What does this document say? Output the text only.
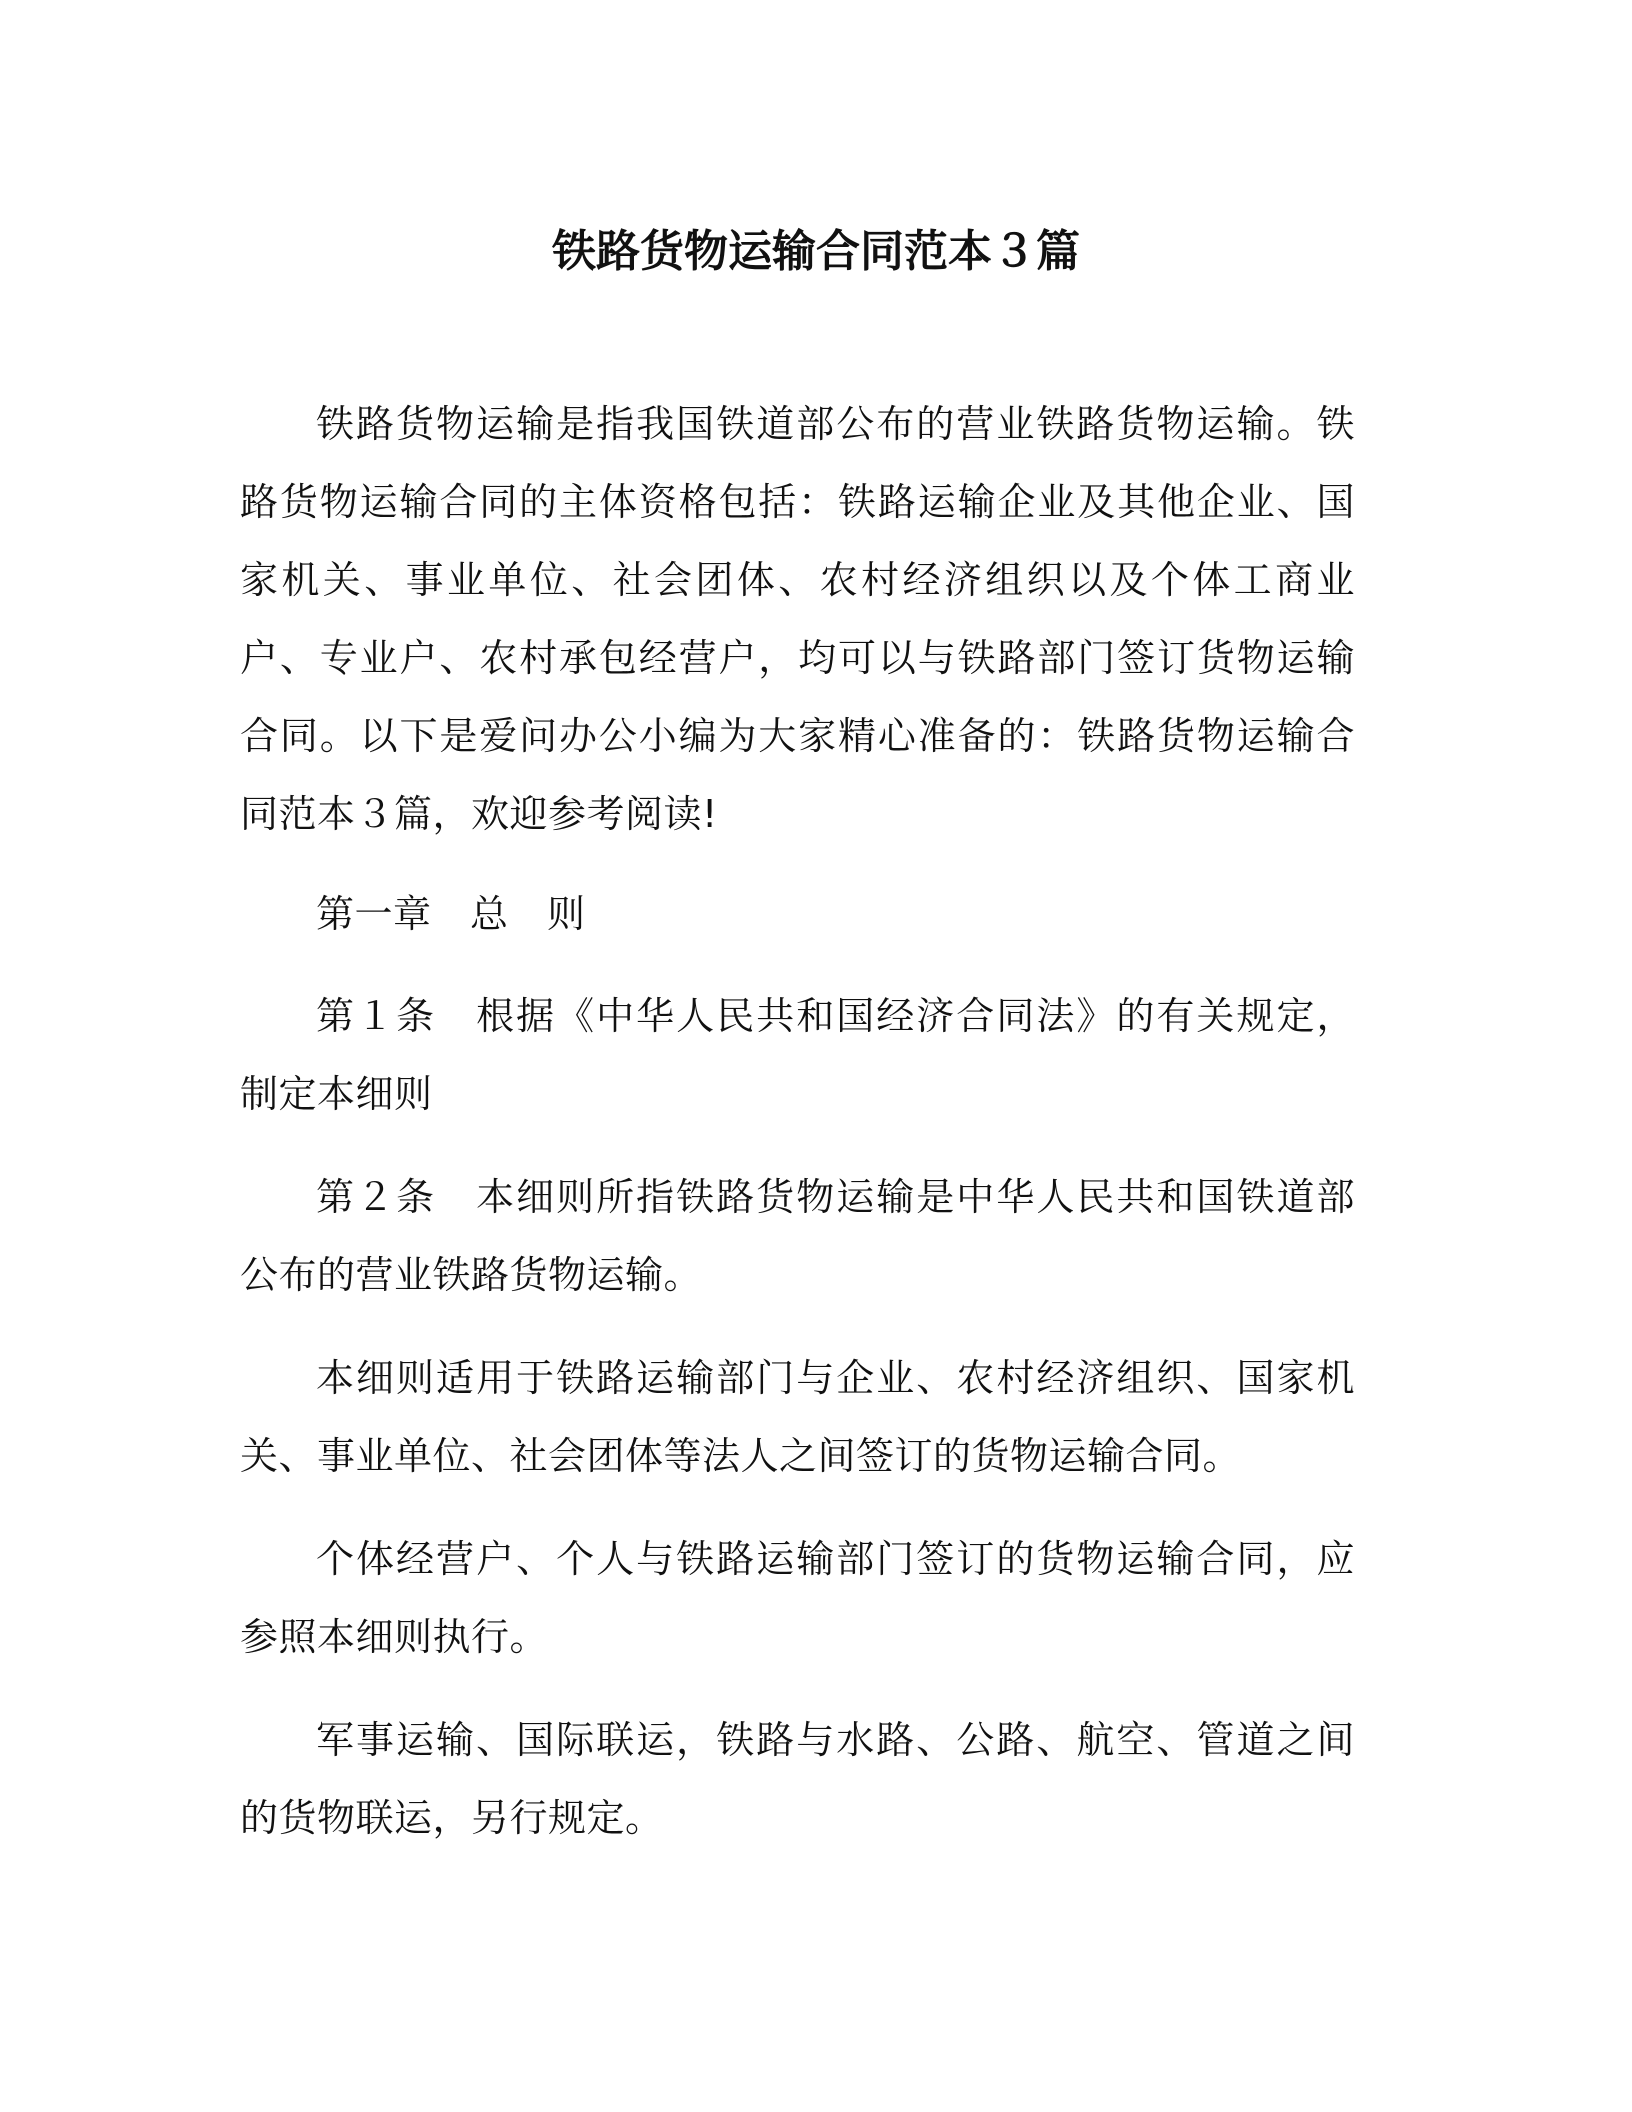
铁路货物运输合同范本３篇

铁路货物运输是指我国铁道部公布的营业铁路货物运输。铁路货物运输合同的主体资格包括：铁路运输企业及其他企业、国家机关、事业单位、社会团体、农村经济组织以及个体工商业户、专业户、农村承包经营户，均可以与铁路部门签订货物运输合同。以下是爱问办公小编为大家精心准备的：铁路货物运输合同范本３篇，欢迎参考阅读!

第一章　总　则

第１条　根据《中华人民共和国经济合同法》的有关规定，制定本细则

第２条　本细则所指铁路货物运输是中华人民共和国铁道部公布的营业铁路货物运输。

本细则适用于铁路运输部门与企业、农村经济组织、国家机关、事业单位、社会团体等法人之间签订的货物运输合同。

个体经营户、个人与铁路运输部门签订的货物运输合同，应参照本细则执行。

军事运输、国际联运，铁路与水路、公路、航空、管道之间的货物联运，另行规定。
